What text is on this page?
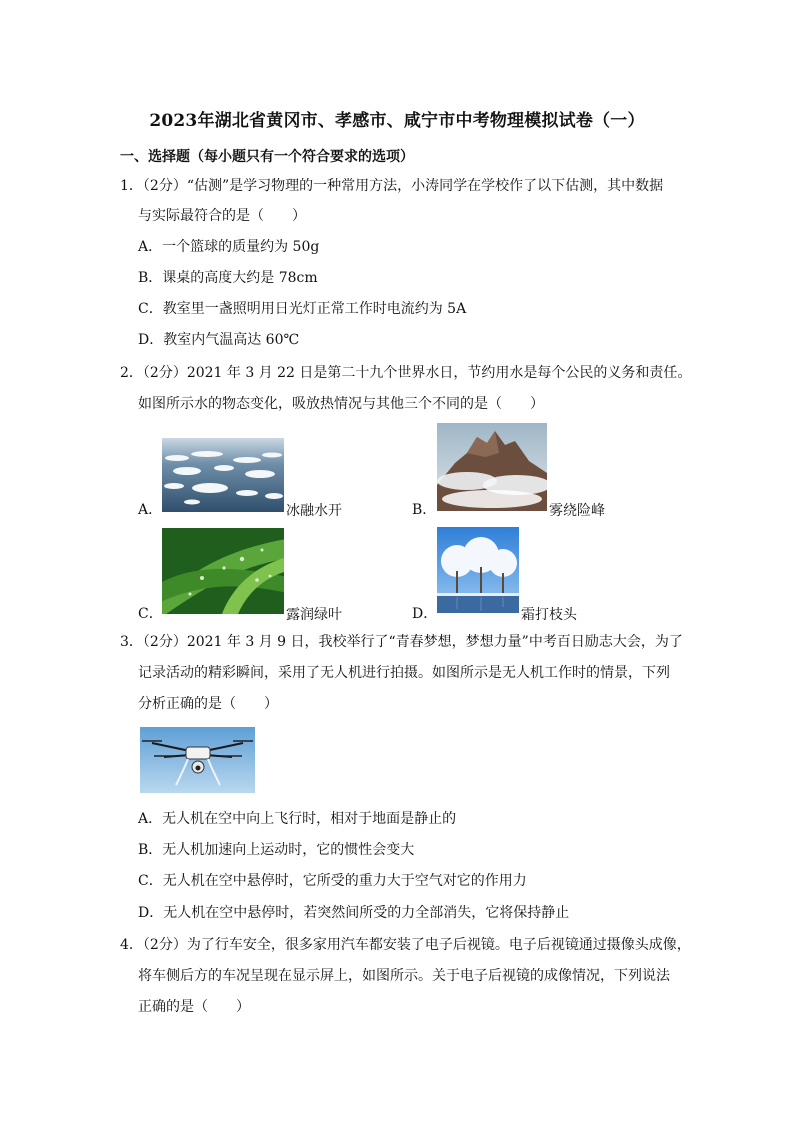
2023年湖北省黄冈市、孝感市、咸宁市中考物理模拟试卷（一）
一、选择题（每小题只有一个符合要求的选项）
1．（2分）“估测”是学习物理的一种常用方法，小涛同学在学校作了以下估测，其中数据
与实际最符合的是（　　）
A．一个篮球的质量约为 50g
B．课桌的高度大约是 78cm
C．教室里一盏照明用日光灯正常工作时电流约为 5A
D．教室内气温高达 60℃
2．（2分）2021 年 3 月 22 日是第二十九个世界水日，节约用水是每个公民的义务和责任。
如图所示水的物态变化，吸放热情况与其他三个不同的是（　　）
A．	冰融水开	B．	雾绕险峰
C．	露润绿叶	D．	霜打枝头
3．（2分）2021 年 3 月 9 日，我校举行了“青春梦想，梦想力量”中考百日励志大会，为了
记录活动的精彩瞬间，采用了无人机进行拍摄。如图所示是无人机工作时的情景，下列
分析正确的是（　　）
A．无人机在空中向上飞行时，相对于地面是静止的
B．无人机加速向上运动时，它的惯性会变大
C．无人机在空中悬停时，它所受的重力大于空气对它的作用力
D．无人机在空中悬停时，若突然间所受的力全部消失，它将保持静止
4．（2分）为了行车安全，很多家用汽车都安装了电子后视镜。电子后视镜通过摄像头成像，
将车侧后方的车况呈现在显示屏上，如图所示。关于电子后视镜的成像情况，下列说法
正确的是（　　）
